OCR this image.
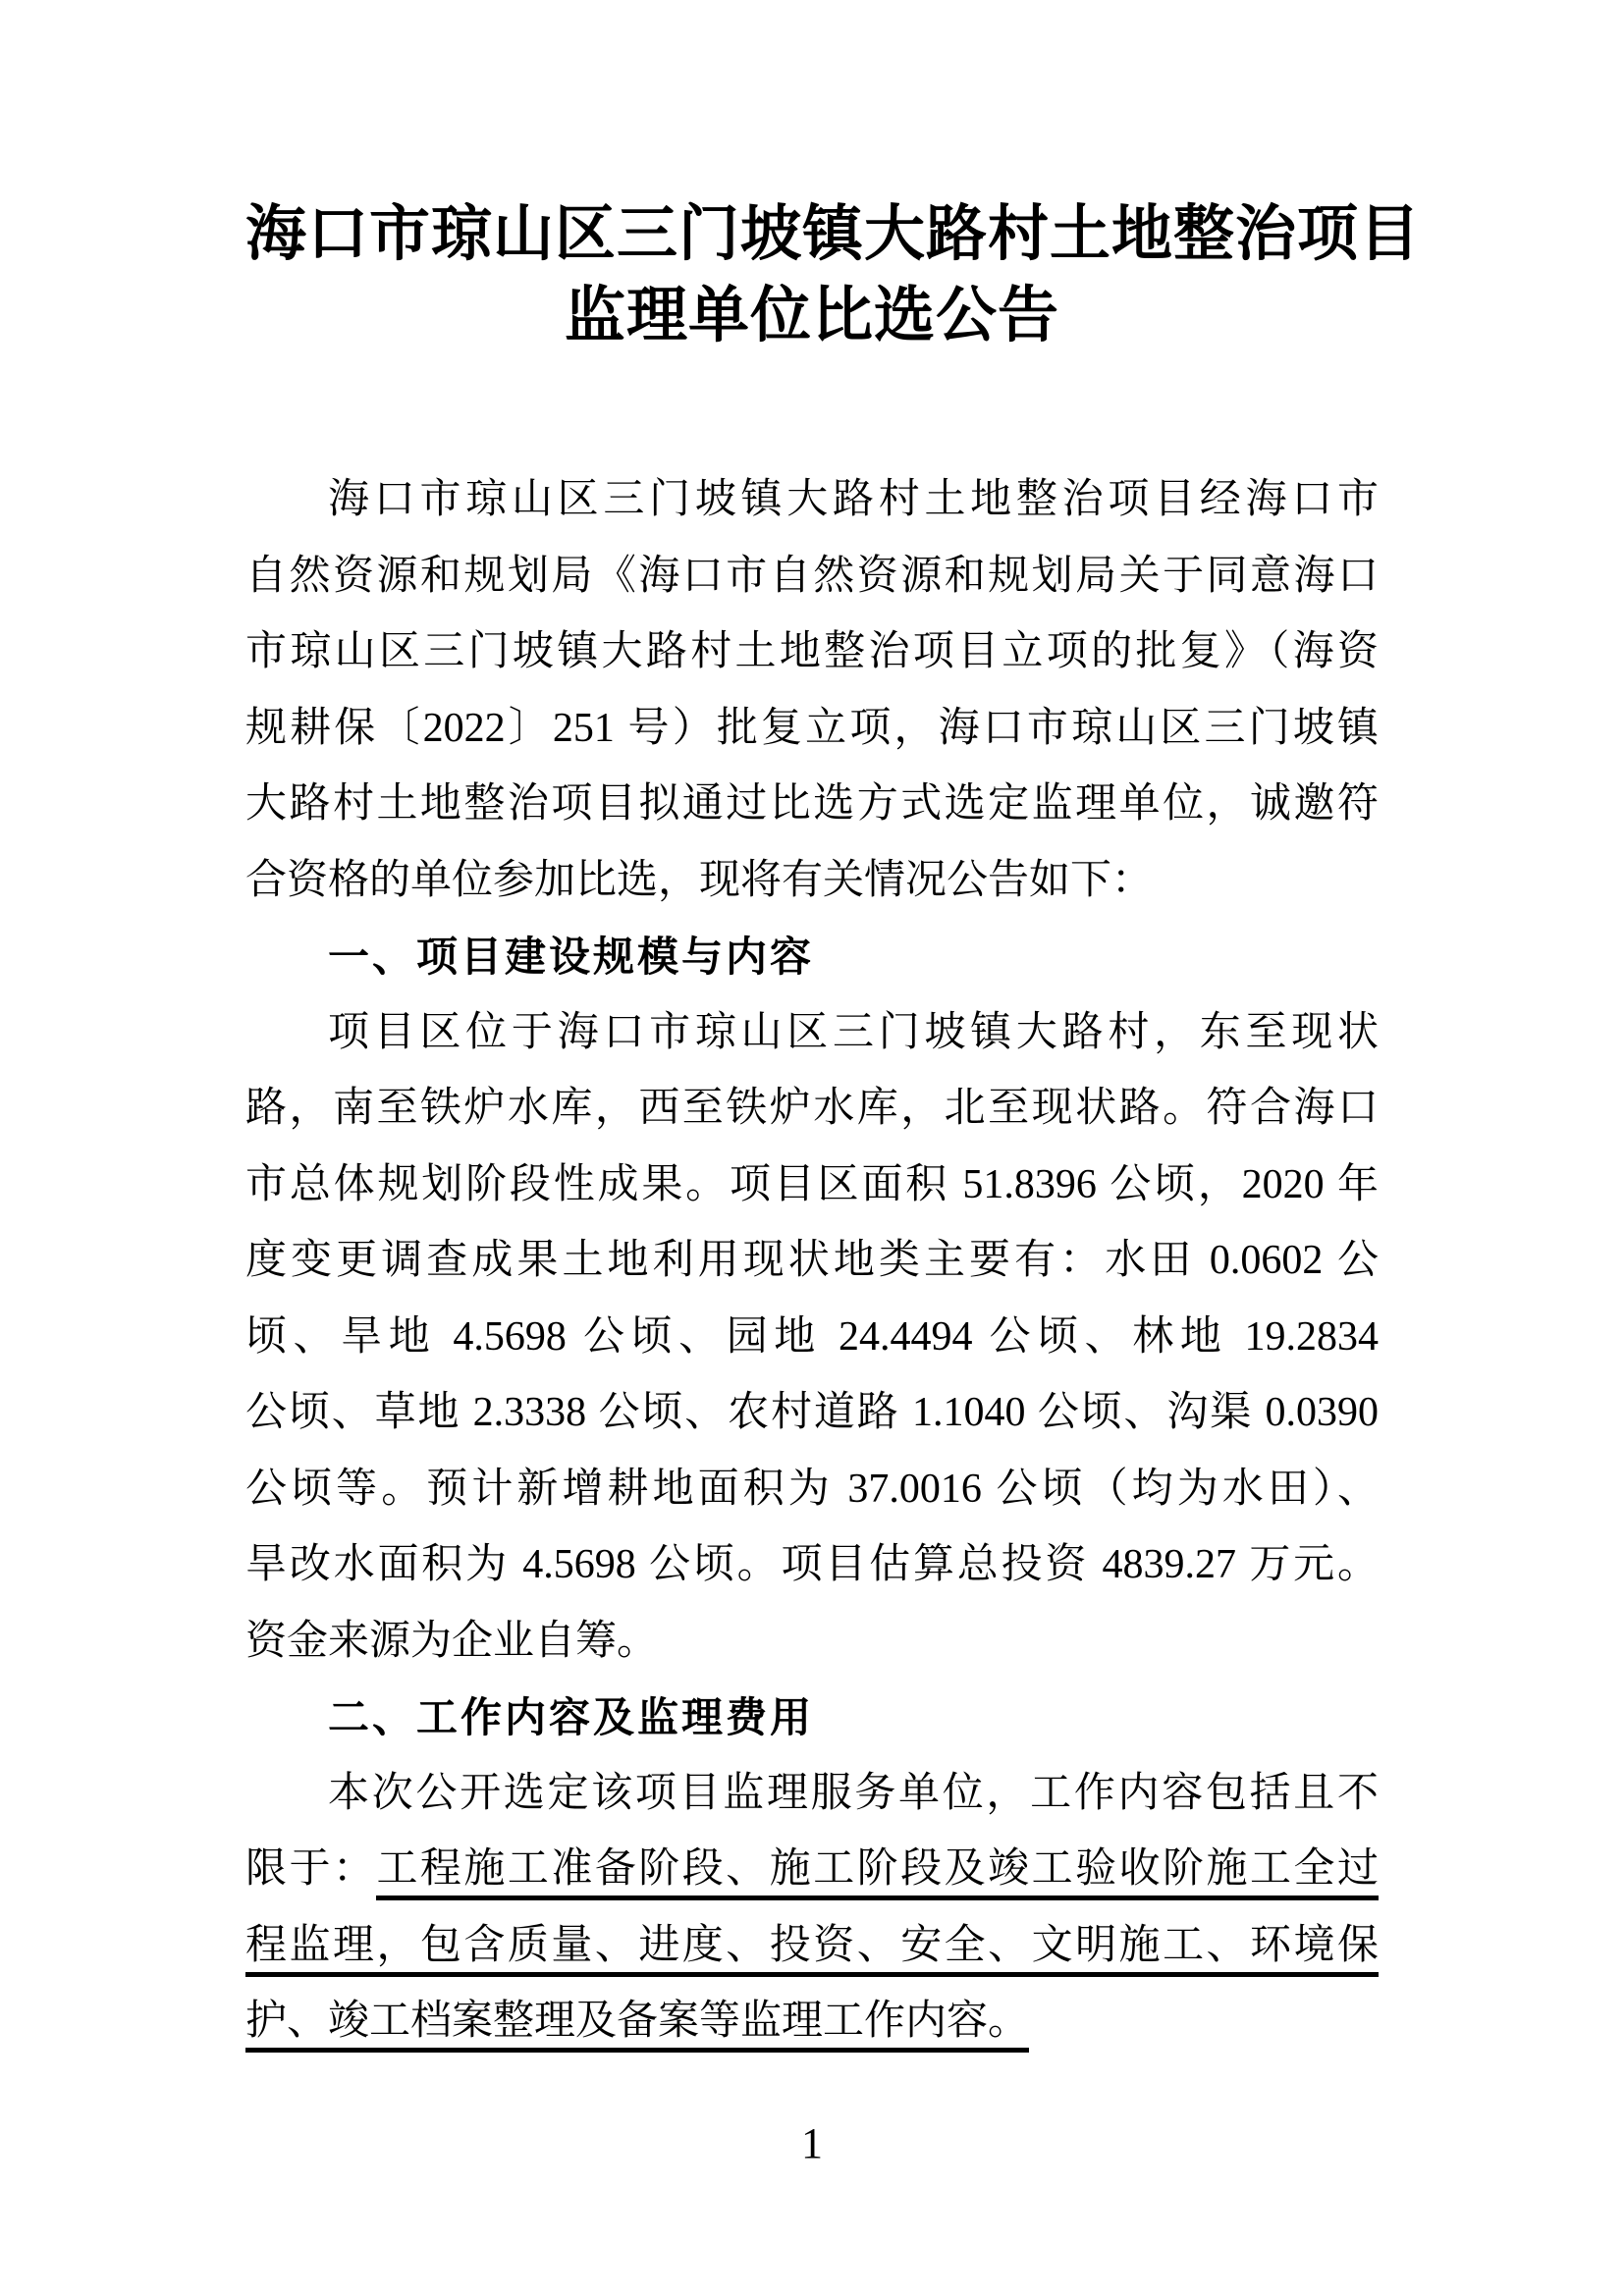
海口市琼山区三门坡镇大路村土地整治项目
监理单位比选公告
海口市琼山区三门坡镇大路村土地整治项目经海口市
自然资源和规划局《海口市自然资源和规划局关于同意海口
市琼山区三门坡镇大路村土地整治项目立项的批复》（海资
规耕保〔2022〕251 号）批复立项，海口市琼山区三门坡镇
大路村土地整治项目拟通过比选方式选定监理单位，诚邀符
合资格的单位参加比选，现将有关情况公告如下：
一、项目建设规模与内容
项目区位于海口市琼山区三门坡镇大路村，东至现状
路，南至铁炉水库，西至铁炉水库，北至现状路。符合海口
市总体规划阶段性成果。项目区面积 51.8396 公顷，2020 年
度变更调查成果土地利用现状地类主要有：水田 0.0602 公
顷、旱地 4.5698 公顷、园地 24.4494 公顷、林地 19.2834
公顷、草地 2.3338 公顷、农村道路 1.1040 公顷、沟渠 0.0390
公顷等。预计新增耕地面积为 37.0016 公顷（均为水田）、
旱改水面积为 4.5698 公顷。项目估算总投资 4839.27 万元。
资金来源为企业自筹。
二、工作内容及监理费用
本次公开选定该项目监理服务单位，工作内容包括且不
限于：工程施工准备阶段、施工阶段及竣工验收阶施工全过
程监理，包含质量、进度、投资、安全、文明施工、环境保
护、竣工档案整理及备案等监理工作内容。
1
